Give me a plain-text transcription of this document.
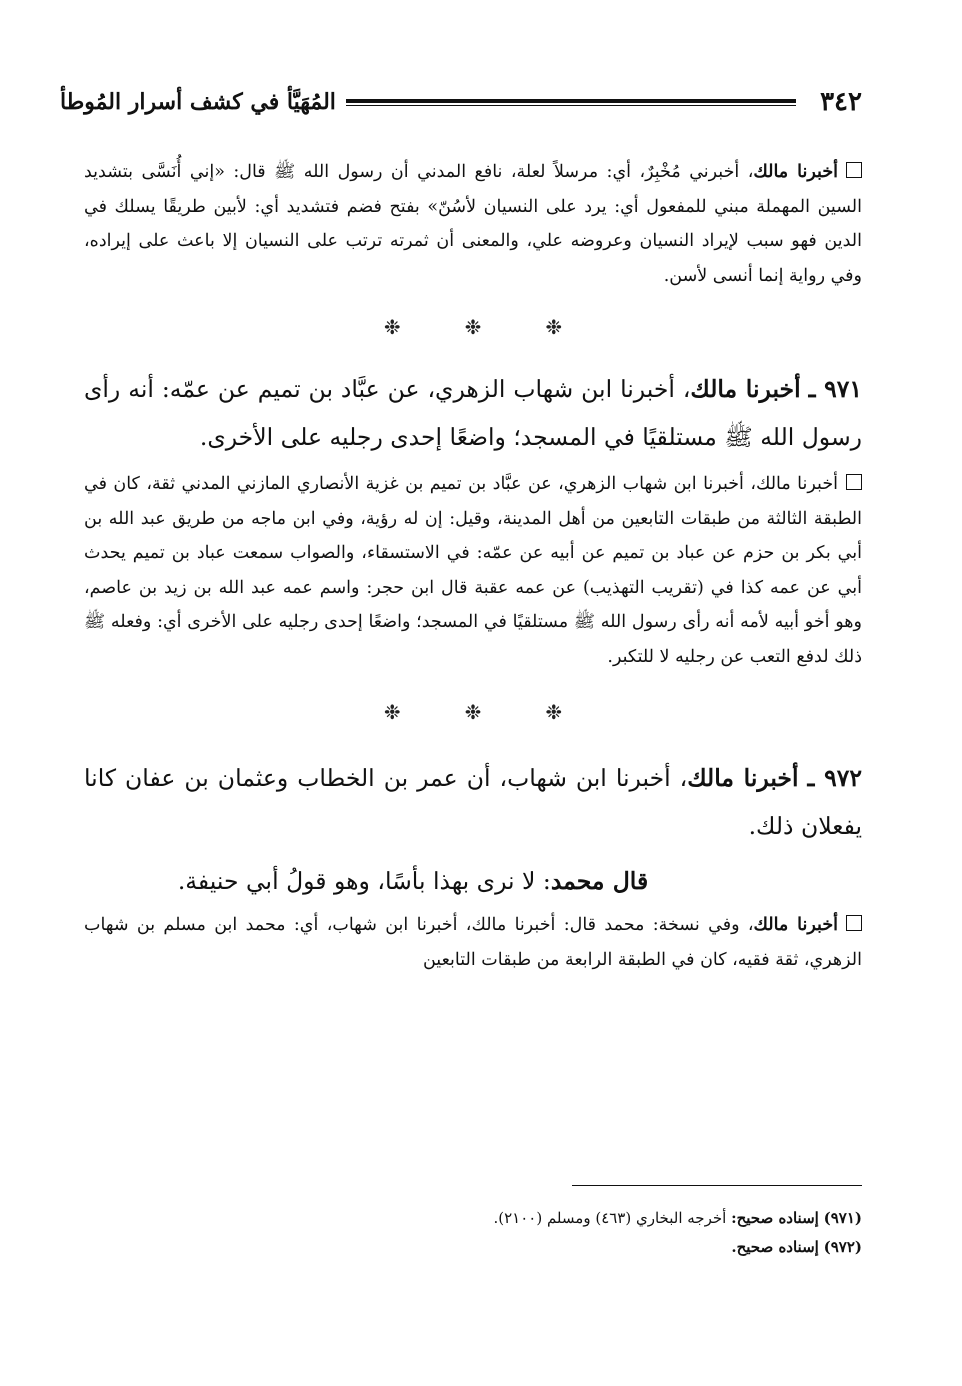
٣٤٢
المُهَيَّأ في كشف أسرار المُوطأ

أخبرنا مالك، أخبرني مُخْبِرٌ، أي: مرسلاً لعلة، نافع المدني أن رسول الله ﷺ قال: «إني أُنَسَّى بتشديد السين المهملة مبني للمفعول أي: يرد على النسيان لأسُنّ» بفتح فضم فتشديد أي: لأبين طريقًا يسلك في الدين فهو سبب لإيراد النسيان وعروضه علي، والمعنى أن ثمرته ترتب على النسيان إلا باعث على إيراده، وفي رواية إنما أنسى لأسن.

❉	❉	❉

٩٧١ ـ أخبرنا مالك، أخبرنا ابن شهاب الزهري، عن عبَّاد بن تميم عن عمّه: أنه رأى رسول الله ﷺ مستلقيًا في المسجد؛ واضعًا إحدى رجليه على الأخرى.

أخبرنا مالك، أخبرنا ابن شهاب الزهري، عن عبَّاد بن تميم بن غزية الأنصاري المازني المدني ثقة، كان في الطبقة الثالثة من طبقات التابعين من أهل المدينة، وقيل: إن له رؤية، وفي ابن ماجه من طريق عبد الله بن أبي بكر بن حزم عن عباد بن تميم عن أبيه عن عمّه: في الاستسقاء، والصواب سمعت عباد بن تميم يحدث أبي عن عمه كذا في (تقريب التهذيب) عن عمه عقبة قال ابن حجر: واسم عمه عبد الله بن زيد بن عاصم، وهو أخو أبيه لأمه أنه رأى رسول الله ﷺ مستلقيًا في المسجد؛ واضعًا إحدى رجليه على الأخرى أي: وفعله ﷺ ذلك لدفع التعب عن رجليه لا للتكبر.

❉	❉	❉

٩٧٢ ـ أخبرنا مالك، أخبرنا ابن شهاب، أن عمر بن الخطاب وعثمان بن عفان كانا يفعلان ذلك.

قال محمد: لا نرى بهذا بأسًا، وهو قولُ أبي حنيفة.

أخبرنا مالك، وفي نسخة: محمد قال: أخبرنا مالك، أخبرنا ابن شهاب، أي: محمد ابن مسلم بن شهاب الزهري، ثقة فقيه، كان في الطبقة الرابعة من طبقات التابعين

(٩٧١) إسناده صحيح: أخرجه البخاري (٤٦٣) ومسلم (٢١٠٠).

(٩٧٢) إسناده صحيح.
